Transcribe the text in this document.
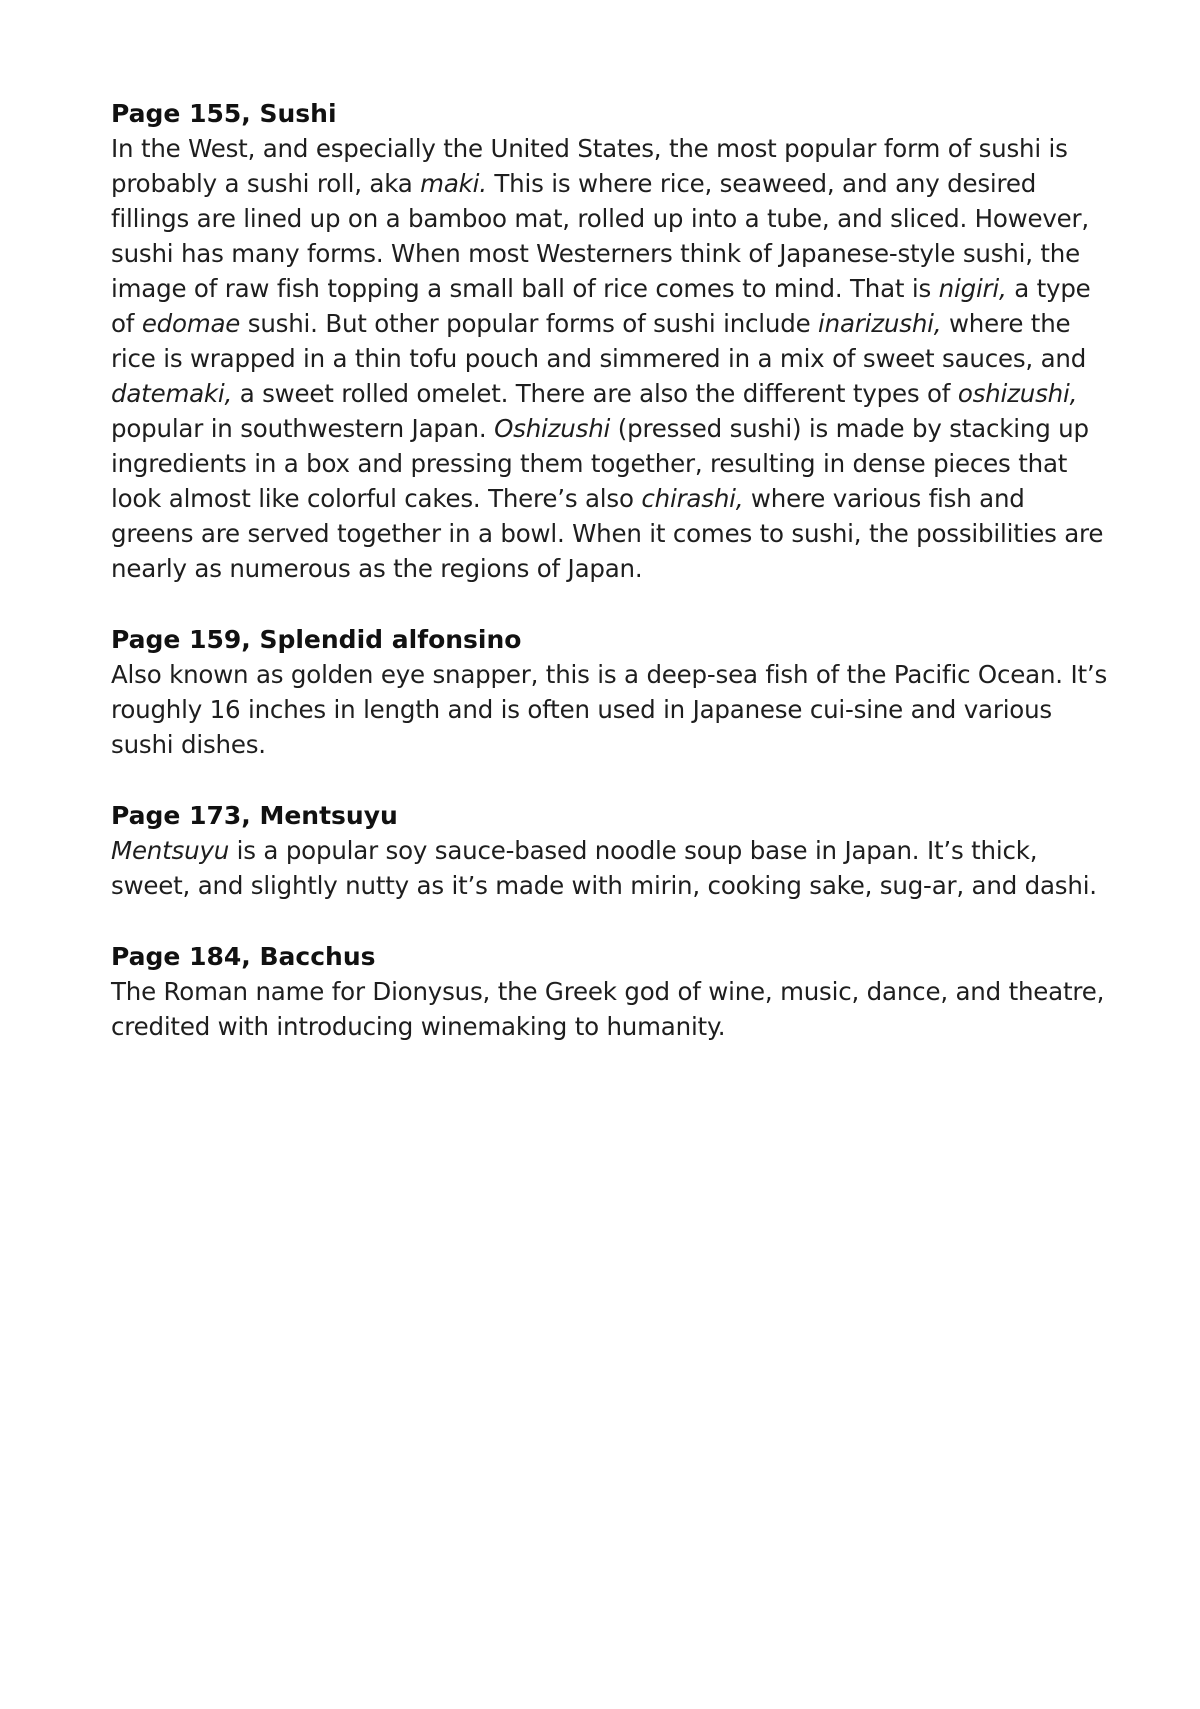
Page 155, Sushi

In the West, and especially the United States, the most popular form of sushi is probably a sushi roll, aka maki. This is where rice, seaweed, and any desired fillings are lined up on a bamboo mat, rolled up into a tube, and sliced. However, sushi has many forms. When most Westerners think of Japanese-style sushi, the image of raw fish topping a small ball of rice comes to mind. That is nigiri, a type of edomae sushi. But other popular forms of sushi include inarizushi, where the rice is wrapped in a thin tofu pouch and simmered in a mix of sweet sauces, and datemaki, a sweet rolled omelet. There are also the different types of oshizushi, popular in southwestern Japan. Oshizushi (pressed sushi) is made by stacking up ingredients in a box and pressing them together, resulting in dense pieces that look almost like colorful cakes. There’s also chirashi, where various fish and greens are served together in a bowl. When it comes to sushi, the possibilities are nearly as numerous as the regions of Japan.

Page 159, Splendid alfonsino

Also known as golden eye snapper, this is a deep-sea fish of the Pacific Ocean. It’s roughly 16 inches in length and is often used in Japanese cui-sine and various sushi dishes.

Page 173, Mentsuyu

Mentsuyu is a popular soy sauce-based noodle soup base in Japan. It’s thick, sweet, and slightly nutty as it’s made with mirin, cooking sake, sug-ar, and dashi.

Page 184, Bacchus

The Roman name for Dionysus, the Greek god of wine, music, dance, and theatre, credited with introducing winemaking to humanity.
